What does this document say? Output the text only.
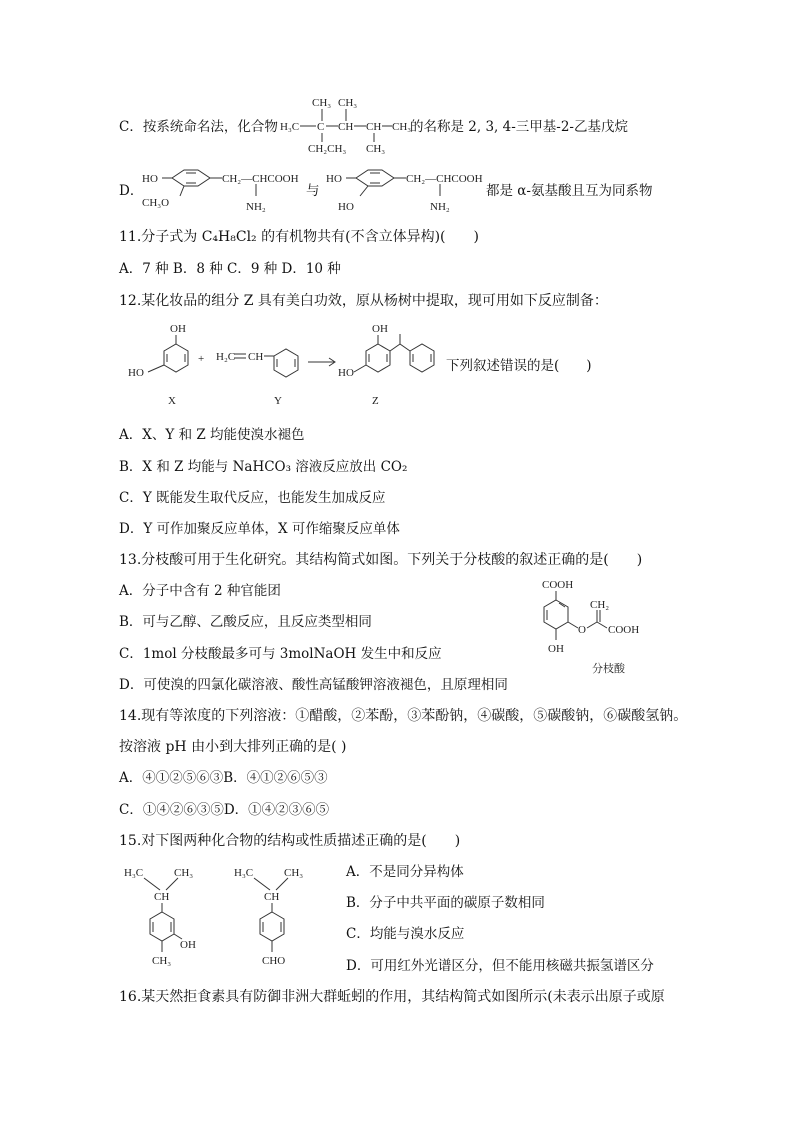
C．按系统命名法，化合物
CH₃ CH₃
H₃C C CH CH CH₃
CH₂CH₃ CH₃
的名称是 2, 3, 4-三甲基-2-乙基戊烷
D．
HO	CH₂—CHCOOH
NH₂
CH₃O
与
HO	CH₂—CHCOOH
NH₂
HO
都是 α-氨基酸且互为同系物
11.分子式为 C₄H₈Cl₂ 的有机物共有(不含立体异构)(　　)
A．7 种 B．8 种 C．9 种 D．10 种
12.某化妆品的组分 Z 具有美白功效，原从杨树中提取，现可用如下反应制备：
OH
HO
X
+ H₂C CH
Y
OH
HO
Z
下列叙述错误的是(　　)
A．X、Y 和 Z 均能使溴水褪色
B．X 和 Z 均能与 NaHCO₃ 溶液反应放出 CO₂
C．Y 既能发生取代反应，也能发生加成反应
D．Y 可作加聚反应单体，X 可作缩聚反应单体
13.分枝酸可用于生化研究。其结构简式如图。下列关于分枝酸的叙述正确的是(　　)
A．分子中含有 2 种官能团
B．可与乙醇、乙酸反应，且反应类型相同
C．1mol 分枝酸最多可与 3molNaOH 发生中和反应
D．可使溴的四氯化碳溶液、酸性高锰酸钾溶液褪色，且原理相同
COOH
O
CH₂
COOH
OH
分枝酸
14.现有等浓度的下列溶液：①醋酸，②苯酚，③苯酚钠，④碳酸，⑤碳酸钠，⑥碳酸氢钠。
按溶液 pH 由小到大排列正确的是( )
A．④①②⑤⑥③B．④①②⑥⑤③
C．①④②⑥③⑤D．①④②③⑥⑤
15.对下图两种化合物的结构或性质描述正确的是(　　)
H₃C	CH₃
CH
OH
CH₃
H₃C	CH₃
CH
CHO
A．不是同分异构体
B．分子中共平面的碳原子数相同
C．均能与溴水反应
D．可用红外光谱区分，但不能用核磁共振氢谱区分
16.某天然拒食素具有防御非洲大群蚯蚓的作用，其结构简式如图所示(未表示出原子或原
